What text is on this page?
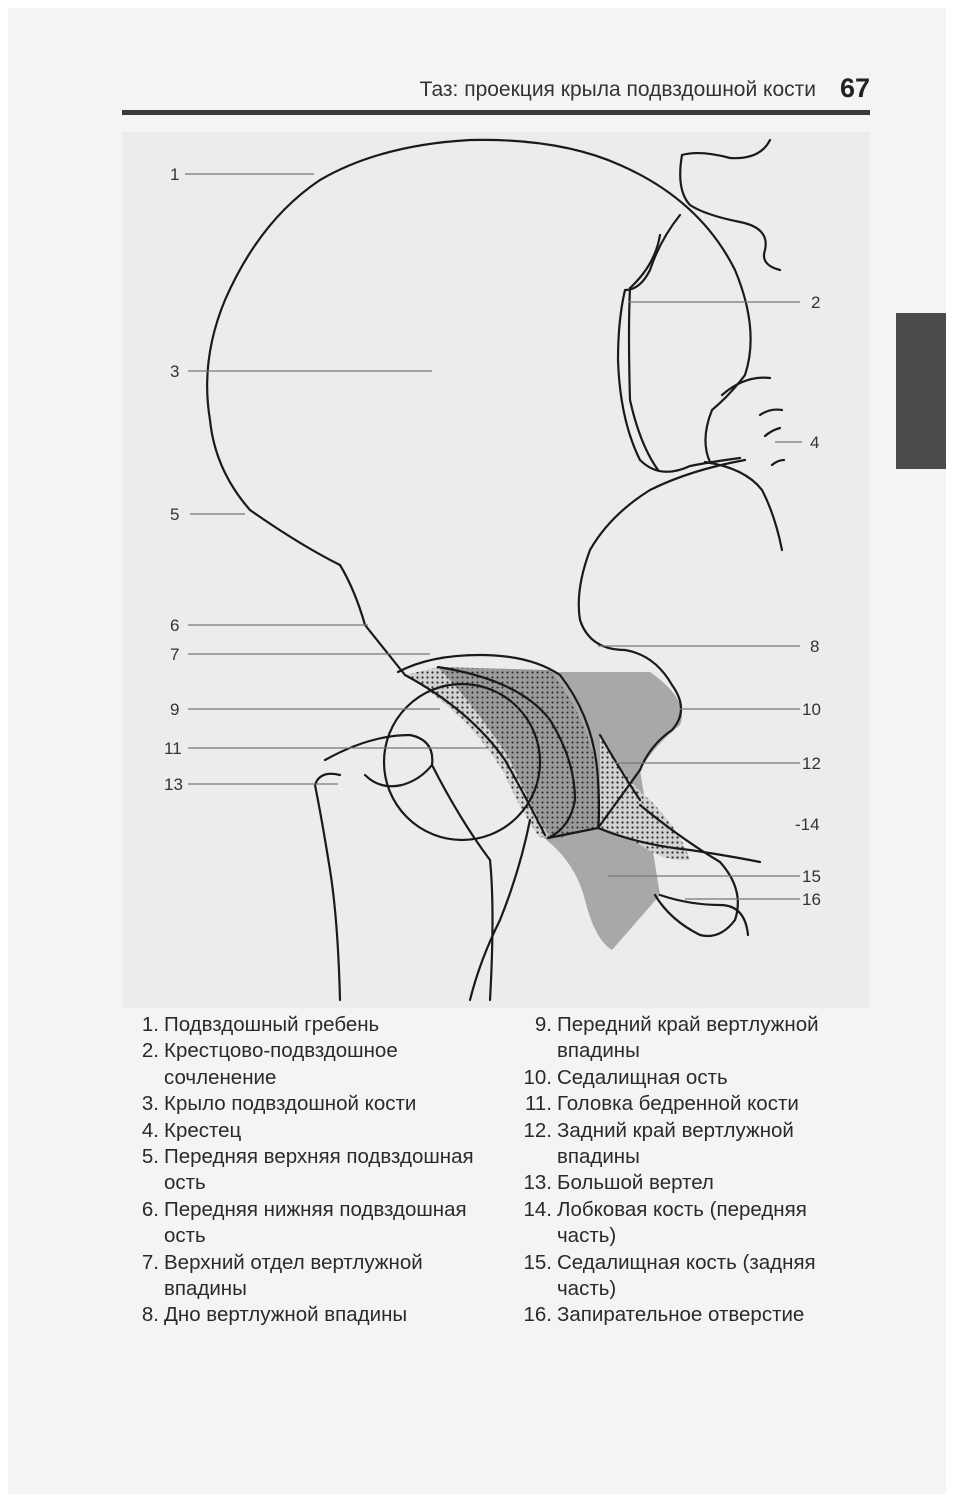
Таз: проекция крыла подвздошной кости 67
1
2
3
4
5
6
7	8
9	10
11
12
13
-14
15
16
1. Подвздошный гребень
2. Крестцово-подвздошное сочленение
3. Крыло подвздошной кости
4. Крестец
5. Передняя верхняя подвздошная ость
6. Передняя нижняя подвздошная ость
7. Верхний отдел вертлужной впадины
8. Дно вертлужной впадины
9. Передний край вертлужной впадины
10. Седалищная ость
11. Головка бедренной кости
12. Задний край вертлужной впадины
13. Большой вертел
14. Лобковая кость (передняя часть)
15. Седалищная кость (задняя часть)
16. Запирательное отверстие
